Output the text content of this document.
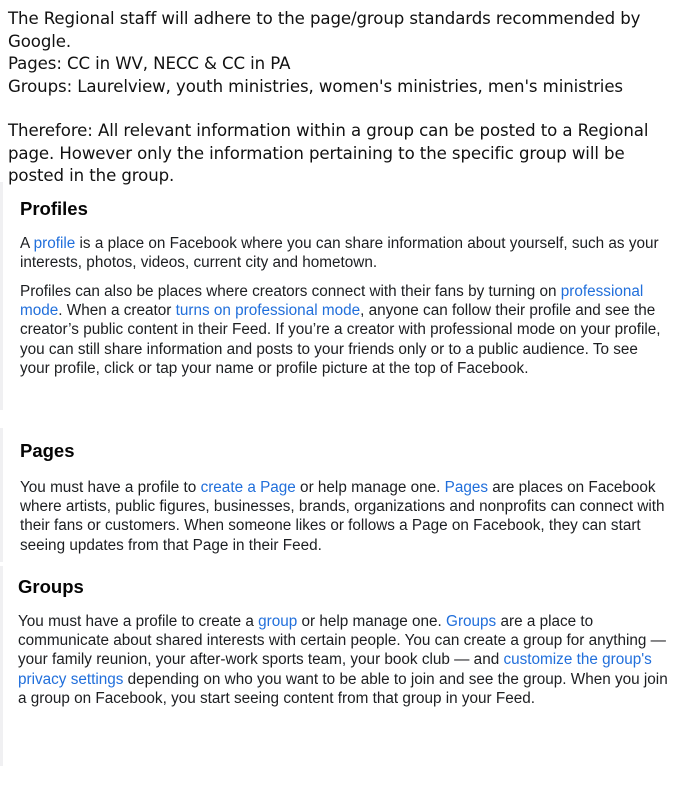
The Regional staff will adhere to the page/group standards recommended by Google.

Pages: CC in WV, NECC & CC in PA

Groups: Laurelview, youth ministries, women's ministries, men's ministries

Therefore: All relevant information within a group can be posted to a Regional page. However only the information pertaining to the specific group will be posted in the group.

Profiles

A profile is a place on Facebook where you can share information about yourself, such as your interests, photos, videos, current city and hometown.

Profiles can also be places where creators connect with their fans by turning on professional mode. When a creator turns on professional mode, anyone can follow their profile and see the creator’s public content in their Feed. If you’re a creator with professional mode on your profile, you can still share information and posts to your friends only or to a public audience. To see your profile, click or tap your name or profile picture at the top of Facebook.

Pages

You must have a profile to create a Page or help manage one. Pages are places on Facebook where artists, public figures, businesses, brands, organizations and nonprofits can connect with their fans or customers. When someone likes or follows a Page on Facebook, they can start seeing updates from that Page in their Feed.

Groups

You must have a profile to create a group or help manage one. Groups are a place to communicate about shared interests with certain people. You can create a group for anything — your family reunion, your after-work sports team, your book club — and customize the group's privacy settings depending on who you want to be able to join and see the group. When you join a group on Facebook, you start seeing content from that group in your Feed.
